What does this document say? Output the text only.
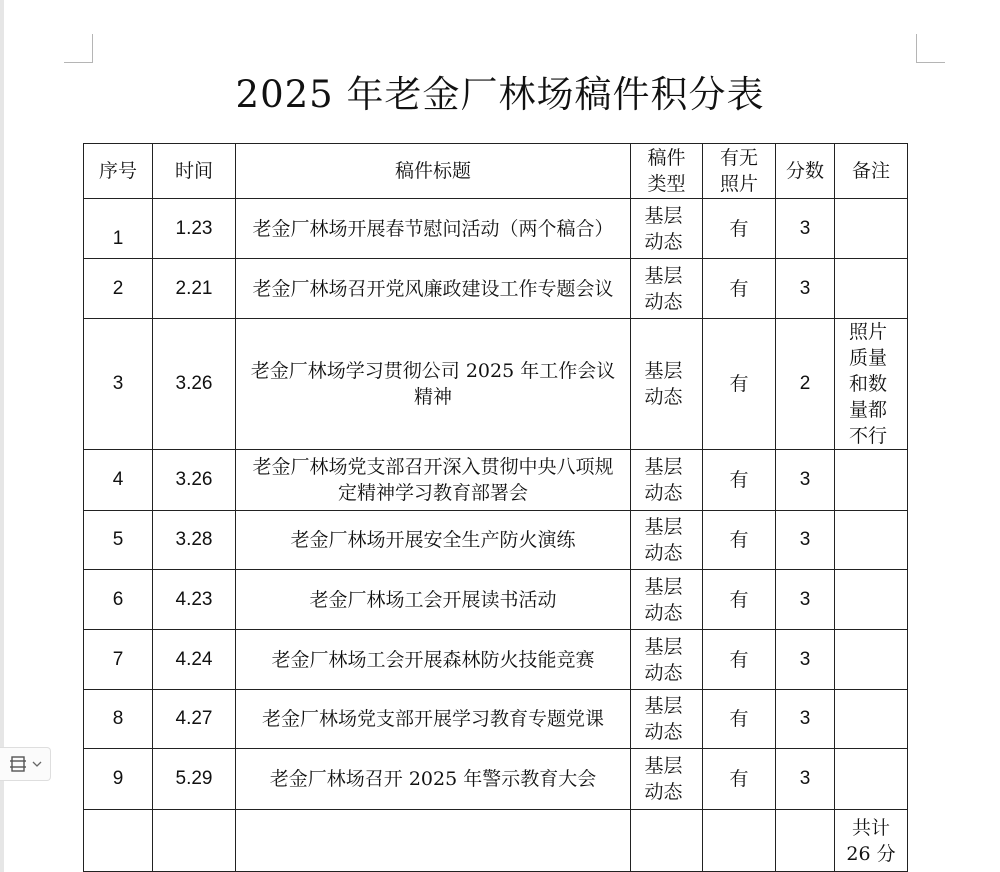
2025 年老金厂林场稿件积分表
序号	时间	稿件标题	稿件类型	有无照片	分数	备注
1	1.23	老金厂林场开展春节慰问活动（两个稿合）	基层动态	有	3	
2	2.21	老金厂林场召开党风廉政建设工作专题会议	基层动态	有	3	
3	3.26	老金厂林场学习贯彻公司 2025 年工作会议精神	基层动态	有	2	照片质量和数量都不行

4	3.26	老金厂林场党支部召开深入贯彻中央八项规定精神学习教育部署会	基层动态	有	3	
5	3.28	老金厂林场开展安全生产防火演练	基层动态	有	3	
6	4.23	老金厂林场工会开展读书活动	基层动态	有	3	
7	4.24	老金厂林场工会开展森林防火技能竞赛	基层动态	有	3	
8	4.27	老金厂林场党支部开展学习教育专题党课	基层动态	有	3	
9	5.29	老金厂林场召开 2025 年警示教育大会	基层动态	有	3	

						共计 26 分
